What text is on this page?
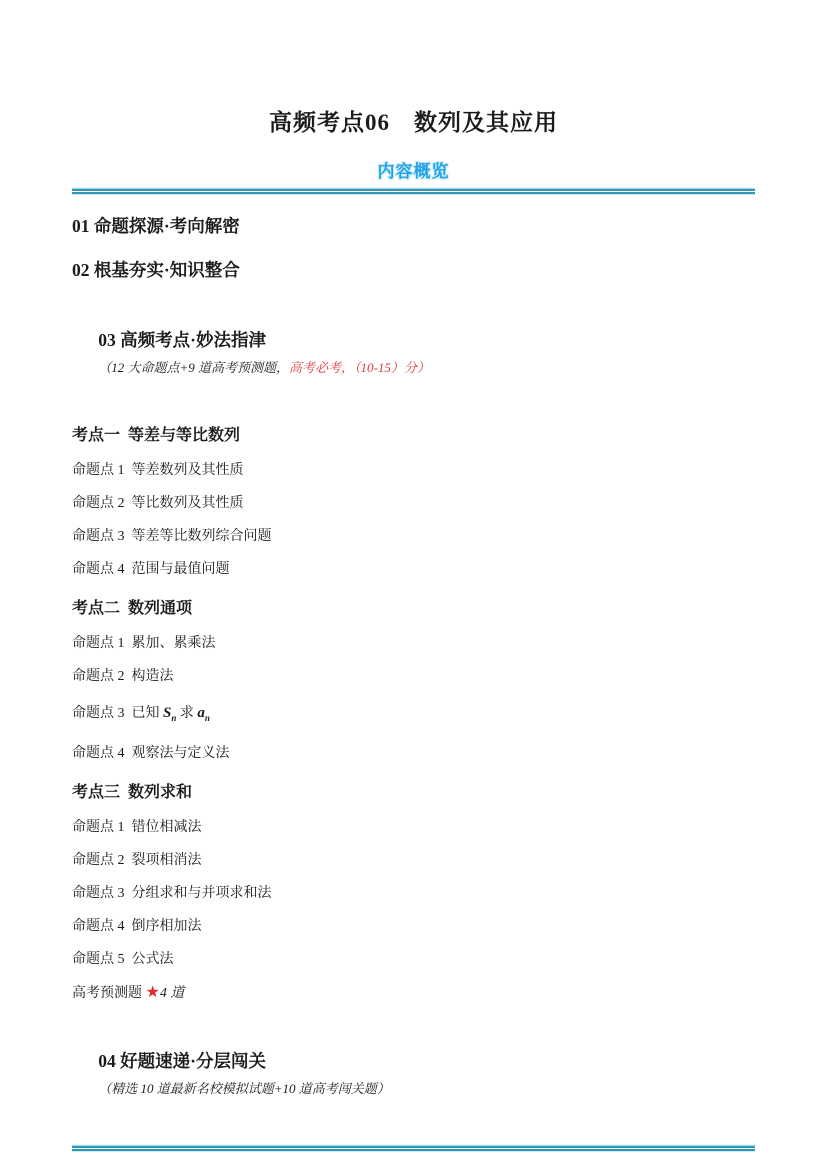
高频考点06　数列及其应用
内容概览
01 命题探源·考向解密
02 根基夯实·知识整合

03 高频考点·妙法指津
（12 大命题点+9 道高考预测题，高考必考，（10-15）分）

考点一  等差与等比数列
命题点 1  等差数列及其性质
命题点 2  等比数列及其性质
命题点 3  等差等比数列综合问题
命题点 4  范围与最值问题
考点二  数列通项
命题点 1  累加、累乘法
命题点 2  构造法
命题点 3  已知 $S_n$ 求 $a_n$
命题点 4  观察法与定义法
考点三  数列求和
命题点 1  错位相减法
命题点 2  裂项相消法
命题点 3  分组求和与并项求和法
命题点 4  倒序相加法
命题点 5  公式法
高考预测题 ★4 道

04 好题速递·分层闯关
（精选 10 道最新名校模拟试题+10 道高考闯关题）
